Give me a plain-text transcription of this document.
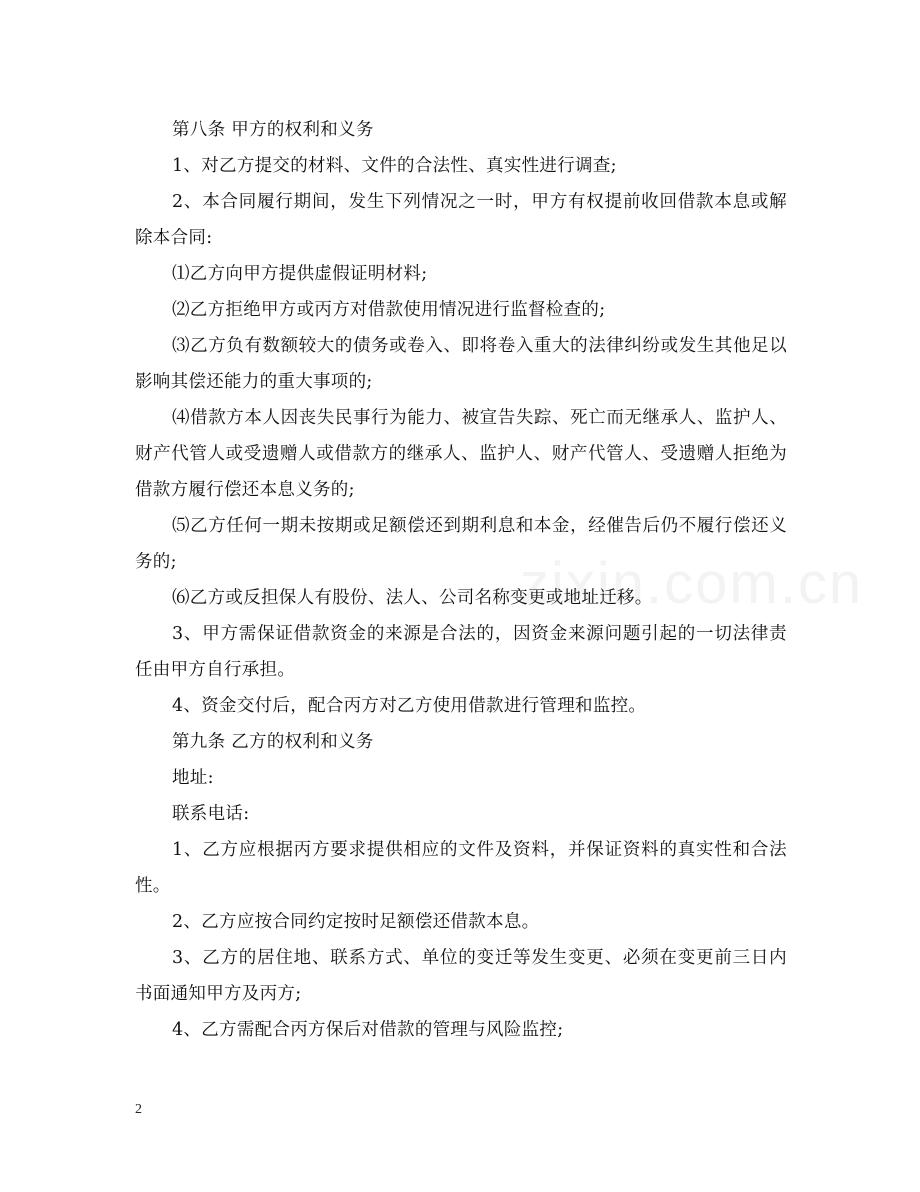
zixin.com.cn

第八条 甲方的权利和义务

1、对乙方提交的材料、文件的合法性、真实性进行调查;

2、本合同履行期间，发生下列情况之一时，甲方有权提前收回借款本息或解除本合同:

⑴乙方向甲方提供虚假证明材料;

⑵乙方拒绝甲方或丙方对借款使用情况进行监督检查的;

⑶乙方负有数额较大的债务或卷入、即将卷入重大的法律纠纷或发生其他足以影响其偿还能力的重大事项的;

⑷借款方本人因丧失民事行为能力、被宣告失踪、死亡而无继承人、监护人、财产代管人或受遗赠人或借款方的继承人、监护人、财产代管人、受遗赠人拒绝为借款方履行偿还本息义务的;

⑸乙方任何一期未按期或足额偿还到期利息和本金，经催告后仍不履行偿还义务的;

⑹乙方或反担保人有股份、法人、公司名称变更或地址迁移。

3、甲方需保证借款资金的来源是合法的，因资金来源问题引起的一切法律责任由甲方自行承担。

4、资金交付后，配合丙方对乙方使用借款进行管理和监控。

第九条 乙方的权利和义务

地址:

联系电话:

1、乙方应根据丙方要求提供相应的文件及资料，并保证资料的真实性和合法性。

2、乙方应按合同约定按时足额偿还借款本息。

3、乙方的居住地、联系方式、单位的变迁等发生变更、必须在变更前三日内书面通知甲方及丙方;

4、乙方需配合丙方保后对借款的管理与风险监控;

2
